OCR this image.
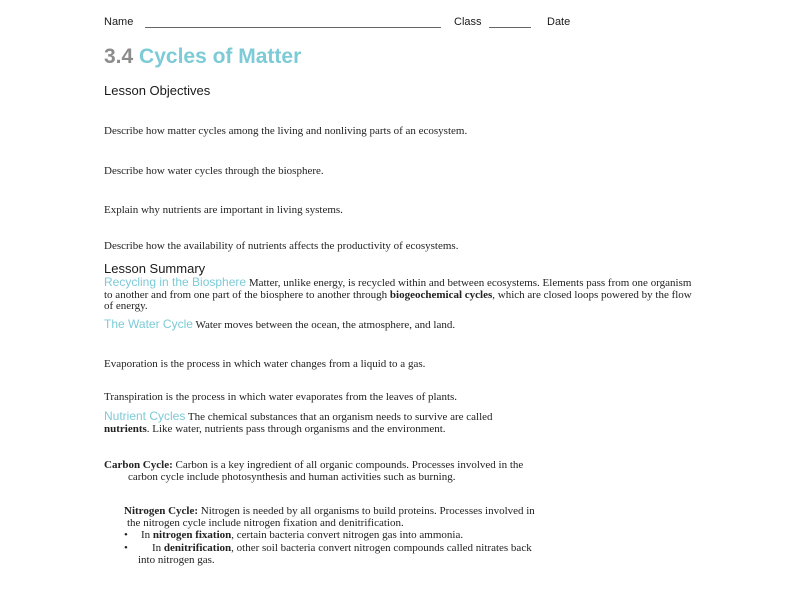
Name	Class	Date
3.4 Cycles of Matter
Lesson Objectives
Describe how matter cycles among the living and nonliving parts of an ecosystem.
Describe how water cycles through the biosphere.
Explain why nutrients are important in living systems.
Describe how the availability of nutrients affects the productivity of ecosystems.
Lesson Summary
Recycling in the Biosphere Matter, unlike energy, is recycled within and between ecosystems. Elements pass from one organism to another and from one part of the biosphere to another through biogeochemical cycles, which are closed loops powered by the flow of energy.
The Water Cycle Water moves between the ocean, the atmosphere, and land.
Evaporation is the process in which water changes from a liquid to a gas.
Transpiration is the process in which water evaporates from the leaves of plants.
Nutrient Cycles The chemical substances that an organism needs to survive are called
nutrients. Like water, nutrients pass through organisms and the environment.
Carbon Cycle: Carbon is a key ingredient of all organic compounds. Processes involved in the
carbon cycle include photosynthesis and human activities such as burning.
Nitrogen Cycle: Nitrogen is needed by all organisms to build proteins. Processes involved in
the nitrogen cycle include nitrogen fixation and denitrification.
• In nitrogen fixation, certain bacteria convert nitrogen gas into ammonia.
• In denitrification, other soil bacteria convert nitrogen compounds called nitrates back
into nitrogen gas.
